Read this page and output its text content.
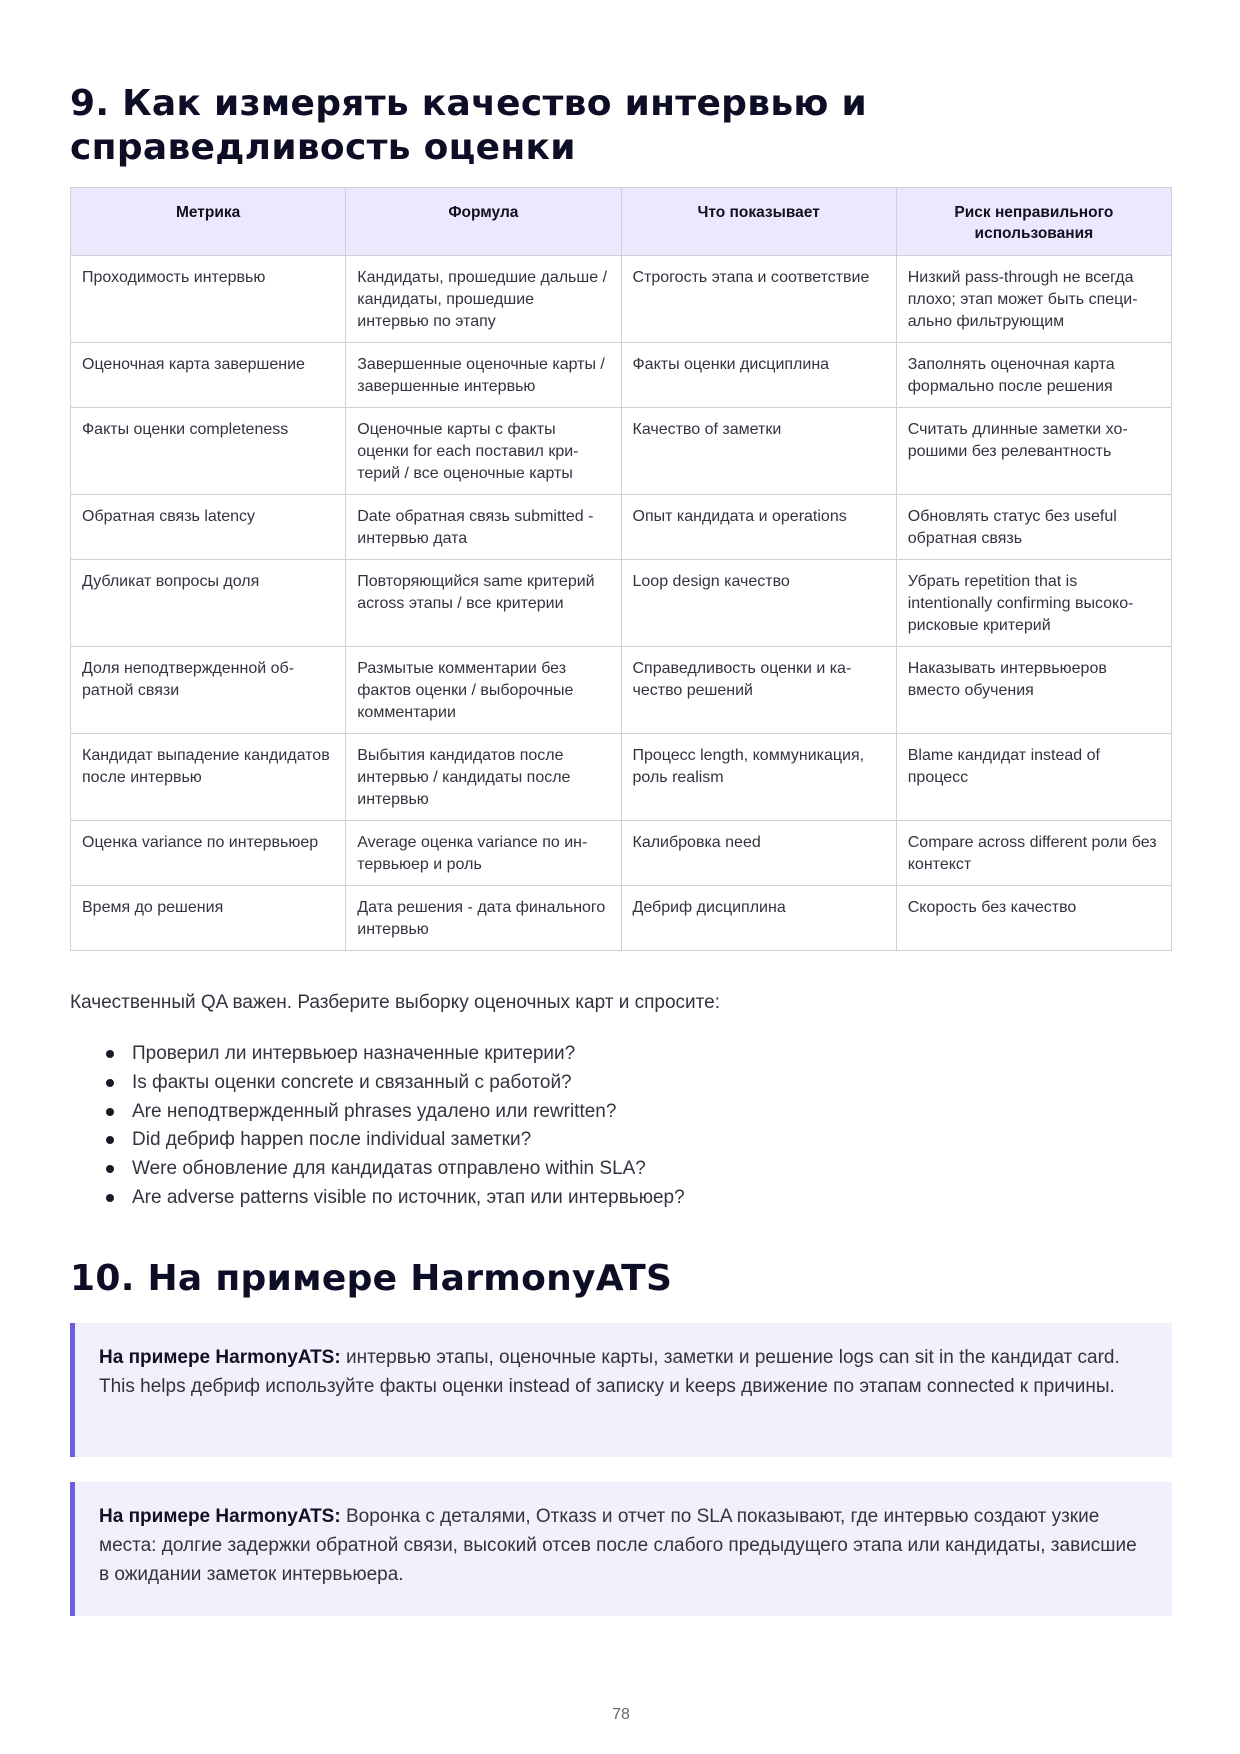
9. Как измерять качество интервью и справедливость оценки
Метрика	Формула	Что показывает	Риск неправильного использования
Проходимость интервью	Кандидаты, прошедшие дальше / кандидаты, прошедшие интервью по этапу	Строгость этапа и соответствие	Низкий pass-through не всегда плохо; этап может быть специально фильтрующим
Оценочная карта завершение	Завершенные оценочные карты / завершенные интервью	Факты оценки дисциплина	Заполнять оценочная карта формально после решения
Факты оценки completeness	Оценочные карты с факты оценки for each поставил критерий / все оценочные карты	Качество of заметки	Считать длинные заметки хорошими без релевантность
Обратная связь latency	Date обратная связь submitted - интервью дата	Опыт кандидата и operations	Обновлять статус без useful обратная связь
Дубликат вопросы доля	Повторяющийся same критерий across этапы / все критерии	Loop design качество	Убрать repetition that is intentionally confirming высокорисковые критерий
Доля неподтвержденной обратной связи	Размытые комментарии без фактов оценки / выборочные комментарии	Справедливость оценки и качество решений	Наказывать интервьюеров вместо обучения
Кандидат выпадение кандидатов после интервью	Выбытия кандидатов после интервью / кандидаты после интервью	Процесс length, коммуникация, роль realism	Blame кандидат instead of процесс
Оценка variance по интервьюер	Average оценка variance по интервьюер и роль	Калибровка need	Compare across different роли без контекст
Время до решения	Дата решения - дата финального интервью	Дебриф дисциплина	Скорость без качество

Качественный QA важен. Разберите выборку оценочных карт и спросите:

Проверил ли интервьюер назначенные критерии?
Is факты оценки concrete и связанный с работой?
Are неподтвержденный phrases удалено или rewritten?
Did дебриф happen после individual заметки?
Were обновление для кандидатas отправлено within SLA?
Are adverse patterns visible по источник, этап или интервьюер?
10. На примере HarmonyATS
На примере HarmonyATS: интервью этапы, оценочные карты, заметки и решение logs can sit in the кандидат card. This helps дебриф используйте факты оценки instead of записку и keeps движение по этапам connected к причины.
На примере HarmonyATS: Воронка с деталями, Отказs и отчет по SLA показывают, где интервью создают узкие места: долгие задержки обратной связи, высокий отсев после слабого предыдущего этапа или кандидаты, зависшие в ожидании заметок интервьюера.
78
